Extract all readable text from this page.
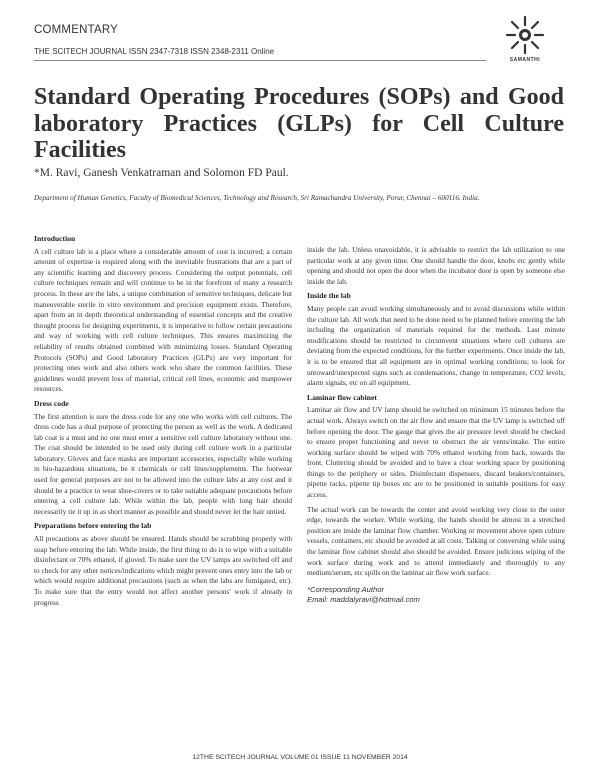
COMMENTARY
THE SCITECH JOURNAL ISSN 2347-7318 ISSN 2348-2311 Online
SAMANTHI
Standard Operating Procedures (SOPs) and Good laboratory Practices (GLPs) for Cell Culture Facilities
*M. Ravi, Ganesh Venkatraman and Solomon FD Paul.
Department of Human Genetics, Faculty of Biomedical Sciences, Technology and Research, Sri Ramachandra University, Porur, Chennai – 600116. India.
Introduction

A cell culture lab is a place where a considerable amount of cost is incurred; a certain amount of expertise is required along with the inevitable frustrations that are a part of any scientific learning and discovery process. Considering the output potentials, cell culture techniques remain and will continue to be in the forefront of many a research process. In these are the labs, a unique combination of sensitive techniques, delicate but maneuverable sterile in vitro environment and precision equipment exists. Therefore, apart from an in depth theoretical understanding of essential concepts and the creative thought process for designing experiments, it is imperative to follow certain precautions and way of working with cell culture techniques. This ensures maximizing the reliability of results obtained combined with minimizing losses. Standard Operating Protocols (SOPs) and Good laboratory Practices (GLPs) are very important for protecting ones work and also others work who share the common facilities. These guidelines would prevent loss of material, critical cell lines, economic and manpower resources.

Dress code

The first attention is sure the dress code for any one who works with cell cultures. The dress code has a dual purpose of protecting the person as well as the work. A dedicated lab coat is a must and no one must enter a sensitive cell culture laboratory without one. The coat should be intended to be used only during cell culture work in a particular laboratory. Gloves and face masks are important accessories, especially while working in bio-hazardous situations, be it chemicals or cell lines/supplements. The footwear used for general purposes are not to be allowed into the culture labs at any cost and it should be a practice to wear shoe-covers or to take suitable adequate precautions before entering a cell culture lab. While within the lab, people with long hair should necessarily tie it up in as short manner as possible and should never let the hair untied.

Preparations before entering the lab

All precautions as above should be ensured. Hands should be scrubbing properly with soap before entering the lab. While inside, the first thing to do is to wipe with a suitable disinfectant or 70% ethanol, if gloved. To make sure the UV lamps are switched off and to check for any other notices/indications which might prevent ones entry into the lab or which would require additional precautions (such as when the labs are fumigated, etc). To make sure that the entry would not affect another persons' work if already in progress

inside the lab. Unless unavoidable, it is advisable to restrict the lab utilization to one particular work at any given time. One should handle the door, knobs etc gently while opening and should not open the door when the incubator door is open by someone else inside the lab.

Inside the lab

Many people can avoid working simultaneously and to avoid discussions while within the culture lab. All work that need to be done need to be planned before entering the lab including the organization of materials required for the methods. Last minute modifications should be restricted to circumvent situations where cell cultures are deviating from the expected conditions, for the further experiments. Once inside the lab, it is to be ensured that all equipment are in optimal working conditions; to look for untoward/unexpected signs such as condensations, change in temperature, CO2 levels, alarm signals, etc on all equipment.

Laminar flow cabinet

Laminar air flow and UV lamp should be switched on minimum 15 minutes before the actual work. Always switch on the air flow and ensure that the UV lamp is switched off before opening the door. The gauge that gives the air pressure level should be checked to ensure proper functioning and never to obstruct the air vents/intake. The entire working surface should be wiped with 70% ethanol working from back, towards the front. Cluttering should be avoided and to have a clear working space by positioning things to the periphery or sides. Disinfectant dispensers, discard beakers/containers, pipette racks, pipette tip boxes etc are to be positioned in suitable positions for easy access.

The actual work can be towards the center and avoid working very close to the outer edge, towards the worker. While working, the hands should be almost in a stretched position are inside the laminar flow chamber. Working or movement above open culture vessels, containers, etc should be avoided at all costs. Talking or conversing while using the laminar flow cabinet should also should be avoided. Ensure judicious wiping of the work surface during work and to attend immediately and thoroughly to any medium/serum, etc spills on the laminar air flow work surface.

*Corresponding Author
Email: maddalyravi@hotmail.com
12THE SCITECH JOURNAL VOLUME 01 ISSUE 11 NOVEMBER 2014
